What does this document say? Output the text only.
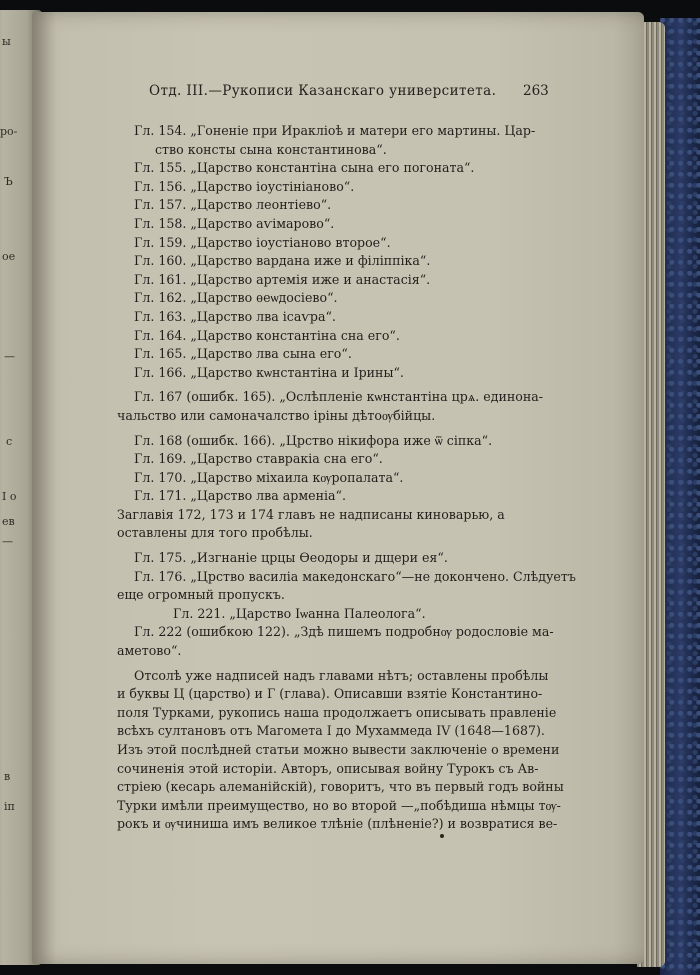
ы
ро-
Ъ
ое
—
с
І о
ев
—
в
іп
Отд. III.—Рукописи Казанскаго университета. 263
Гл. 154. „Гоненіе при Иракліоѣ и матери его мартины. Цар-
ство консты сына константинова“.
Гл. 155. „Царство константіна сына его погоната“.
Гл. 156. „Царство іоустініаново“.
Гл. 157. „Царство леонтіево“.
Гл. 158. „Царство аѵімарово“.
Гл. 159. „Царство іоустіаново второе“.
Гл. 160. „Царство вардана иже и філіппіка“.
Гл. 161. „Царство артемія иже и анастасія“.
Гл. 162. „Царство ѳеѡдосіево“.
Гл. 163. „Царство лва ісаѵра“.
Гл. 164. „Царство константіна сна его“.
Гл. 165. „Царство лва сына его“.
Гл. 166. „Царство кѡнстантіна и Ірины“.
Гл. 167 (ошибк. 165). „Ослѣпленіе кѡнстантіна црѧ. единона-
чальство или самоначалство іріны дѣтоѹбійцы.
Гл. 168 (ошибк. 166). „Црство нікифора иже ѿ сіпка“.
Гл. 169. „Царство ставракіа сна его“.
Гл. 170. „Царство міхаила кѹропалата“.
Гл. 171. „Царство лва арменіа“.
Заглавія 172, 173 и 174 главъ не надписаны киноварью, а
оставлены для того пробѣлы.
Гл. 175. „Изгнаніе црцы Ѳеодоры и дщери ея“.
Гл. 176. „Црство василіа македонскаго“—не докончено. Слѣдуетъ
еще огромный пропускъ.
Гл. 221. „Царство Іѡанна Палеолога“.
Гл. 222 (ошибкою 122). „Здѣ пишемъ подробнѹ родословіе ма-
аметово“.
Отсолѣ уже надписей надъ главами нѣтъ; оставлены пробѣлы
и буквы Ц (царство) и Г (глава). Описавши взятіе Константино-
поля Турками, рукопись наша продолжаетъ описывать правленіе
всѣхъ султановъ отъ Магомета I до Мухаммеда IV (1648—1687).
Изъ этой послѣдней статьи можно вывести заключеніе о времени
сочиненія этой исторіи. Авторъ, описывая войну Турокъ съ Ав-
стріею (кесарь алеманійскій), говоритъ, что въ первый годъ войны
Турки имѣли преимущество, но во второй —„побѣдиша нѣмцы тѹ-
рокъ и ѹчиниша имъ великое тлѣніе (плѣненіе?) и возвратися ве-
